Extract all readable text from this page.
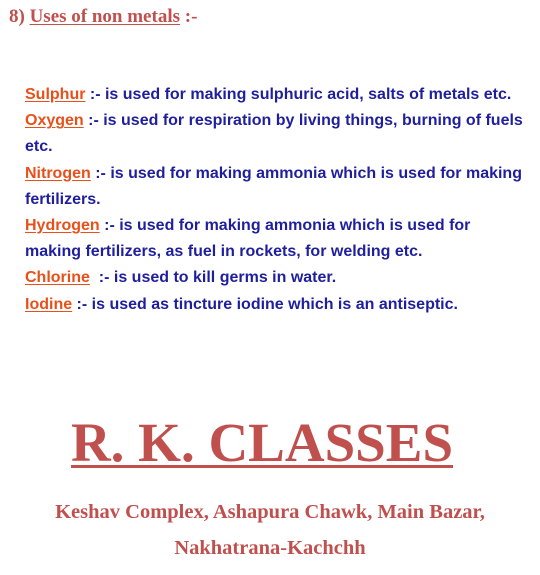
8) Uses of non metals :-

Sulphur :- is used for making sulphuric acid, salts of metals etc.

Oxygen :- is used for respiration by living things, burning of fuels etc.

Nitrogen :- is used for making ammonia which is used for making fertilizers.

Hydrogen :- is used for making ammonia which is used for making fertilizers, as fuel in rockets, for welding etc.

Chlorine  :- is used to kill germs in water.

Iodine :- is used as tincture iodine which is an antiseptic.

R. K. CLASSES
Keshav Complex, Ashapura Chawk, Main Bazar,
Nakhatrana-Kachchh
